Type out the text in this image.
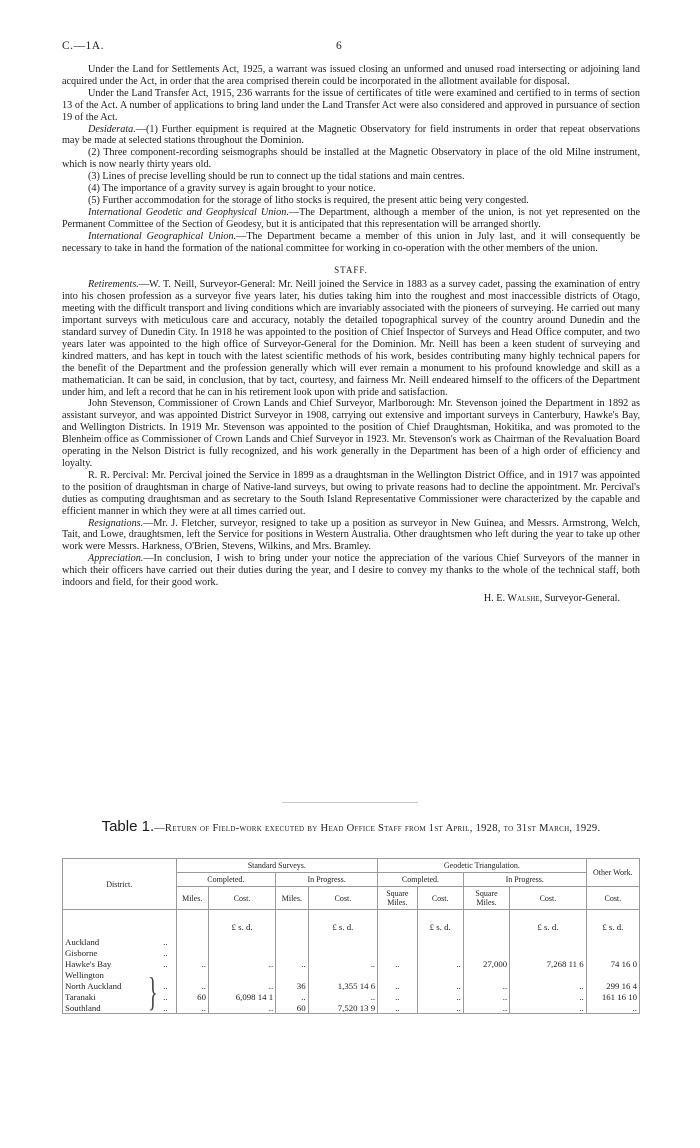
C.—1A.	6

Under the Land for Settlements Act, 1925, a warrant was issued closing an unformed and unused road intersecting or adjoining land acquired under the Act, in order that the area comprised therein could be incorporated in the allotment available for disposal.

Under the Land Transfer Act, 1915, 236 warrants for the issue of certificates of title were examined and certified to in terms of section 13 of the Act. A number of applications to bring land under the Land Transfer Act were also considered and approved in pursuance of section 19 of the Act.

Desiderata.—(1) Further equipment is required at the Magnetic Observatory for field instruments in order that repeat observations may be made at selected stations throughout the Dominion.

(2) Three component-recording seismographs should be installed at the Magnetic Observatory in place of the old Milne instrument, which is now nearly thirty years old.

(3) Lines of precise levelling should be run to connect up the tidal stations and main centres.

(4) The importance of a gravity survey is again brought to your notice.

(5) Further accommodation for the storage of litho stocks is required, the present attic being very congested.

International Geodetic and Geophysical Union.—The Department, although a member of the union, is not yet represented on the Permanent Committee of the Section of Geodesy, but it is anticipated that this representation will be arranged shortly.

International Geographical Union.—The Department became a member of this union in July last, and it will consequently be necessary to take in hand the formation of the national committee for working in co-operation with the other members of the union.

STAFF.

Retirements.—W. T. Neill, Surveyor-General: Mr. Neill joined the Service in 1883 as a survey cadet, passing the examination of entry into his chosen profession as a surveyor five years later, his duties taking him into the roughest and most inaccessible districts of Otago, meeting with the difficult transport and living conditions which are invariably associated with the pioneers of surveying. He carried out many important surveys with meticulous care and accuracy, notably the detailed topographical survey of the country around Dunedin and the standard survey of Dunedin City. In 1918 he was appointed to the position of Chief Inspector of Surveys and Head Office computer, and two years later was appointed to the high office of Surveyor-General for the Dominion. Mr. Neill has been a keen student of surveying and kindred matters, and has kept in touch with the latest scientific methods of his work, besides contributing many highly technical papers for the benefit of the Department and the profession generally which will ever remain a monument to his profound knowledge and skill as a mathematician. It can be said, in conclusion, that by tact, courtesy, and fairness Mr. Neill endeared himself to the officers of the Department under him, and left a record that he can in his retirement look upon with pride and satisfaction.

John Stevenson, Commissioner of Crown Lands and Chief Surveyor, Marlborough: Mr. Stevenson joined the Department in 1892 as assistant surveyor, and was appointed District Surveyor in 1908, carrying out extensive and important surveys in Canterbury, Hawke's Bay, and Wellington Districts. In 1919 Mr. Stevenson was appointed to the position of Chief Draughtsman, Hokitika, and was promoted to the Blenheim office as Commissioner of Crown Lands and Chief Surveyor in 1923. Mr. Stevenson's work as Chairman of the Revaluation Board operating in the Nelson District is fully recognized, and his work generally in the Department has been of a high order of efficiency and loyalty.

R. R. Percival: Mr. Percival joined the Service in 1899 as a draughtsman in the Wellington District Office, and in 1917 was appointed to the position of draughtsman in charge of Native-land surveys, but owing to private reasons had to decline the appointment. Mr. Percival's duties as computing draughtsman and as secretary to the South Island Representative Commissioner were characterized by the capable and efficient manner in which they were at all times carried out.

Resignations.—Mr. J. Fletcher, surveyor, resigned to take up a position as surveyor in New Guinea, and Messrs. Armstrong, Welch, Tait, and Lowe, draughtsmen, left the Service for positions in Western Australia. Other draughtsmen who left during the year to take up other work were Messrs. Harkness, O'Brien, Stevens, Wilkins, and Mrs. Bramley.

Appreciation.—In conclusion, I wish to bring under your notice the appreciation of the various Chief Surveyors of the manner in which their officers have carried out their duties during the year, and I desire to convey my thanks to the whole of the technical staff, both indoors and field, for their good work.

H. E. Walshe, Surveyor-General.
Table 1.—Return of Field-work executed by Head Office Staff from 1st April, 1928, to 31st March, 1929.
District.	Standard Surveys.				Geodetic Triangulation.				Other Work.
	Completed.		In Progress.		Completed.		In Progress.		
	Miles.	Cost.	Miles.	Cost.	Square Miles.	Cost.	Square Miles.	Cost.	Cost.
		£ s. d.		£ s. d.		£ s. d.		£ s. d.	£ s. d.
Auckland ..									

Gisborne ..									

Hawke's Bay ..	..	..	..	..	..	..	27,000	7,268 11 6	74 16 0
Wellington

North Auckland ..	..	..	36	1,355 14 6	..	..	..	..	299 16 4
Taranaki ..	60	6,098 14 1	..	..	..	..	..	..	161 16 10
Southland ..	..	..	60	7,520 13 9	..	..	..	..	..
}
